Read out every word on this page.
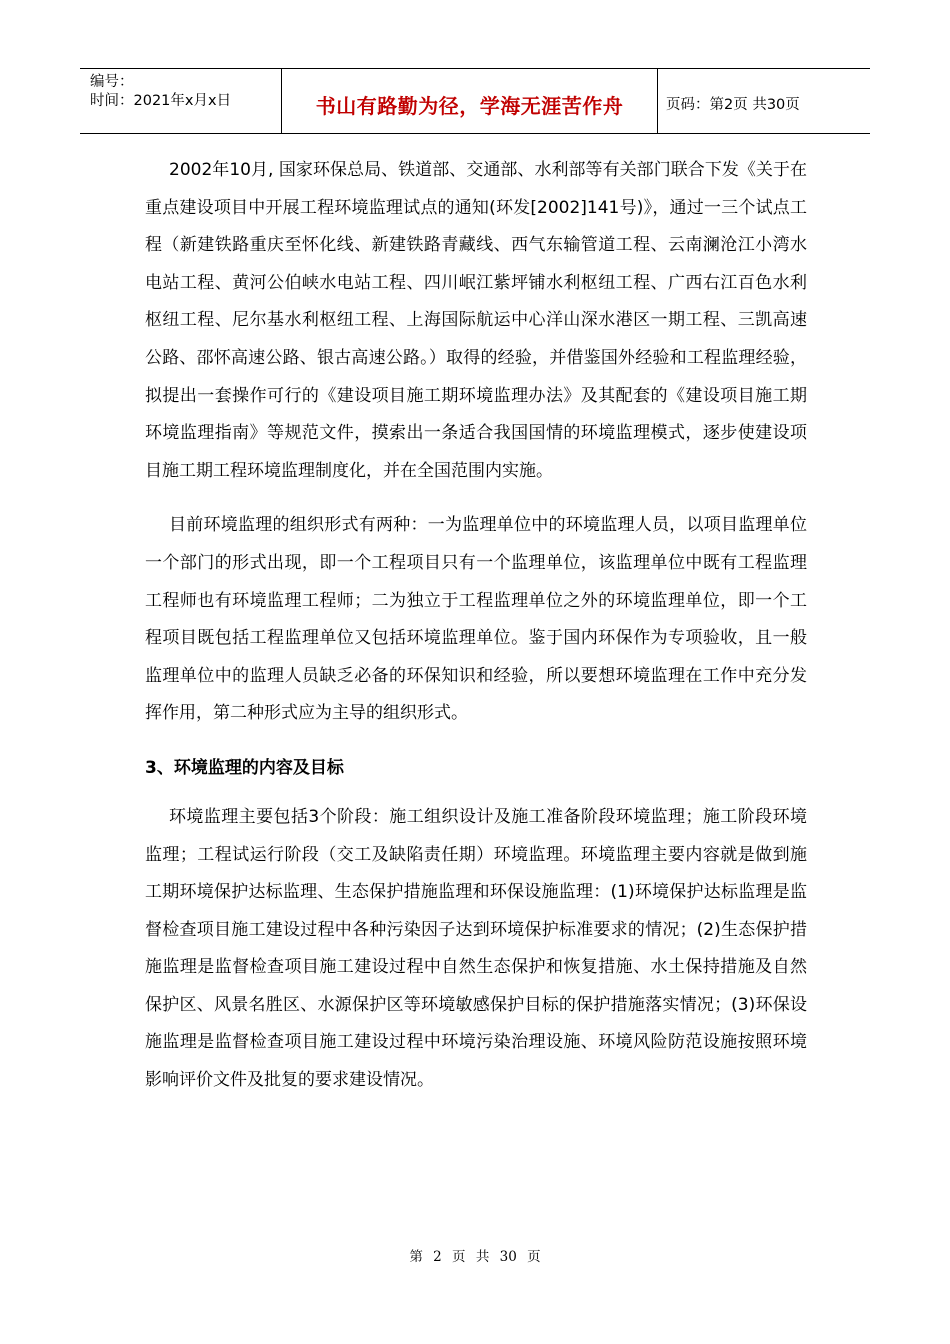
编号：
时间：2021年x月x日	书山有路勤为径，学海无涯苦作舟	页码：第2页 共30页

2002年10月, 国家环保总局、铁道部、交通部、水利部等有关部门联合下发《关于在重点建设项目中开展工程环境监理试点的通知(环发[2002]141号)》，通过一三个试点工程（新建铁路重庆至怀化线、新建铁路青藏线、西气东输管道工程、云南澜沧江小湾水电站工程、黄河公伯峡水电站工程、四川岷江紫坪铺水利枢纽工程、广西右江百色水利枢纽工程、尼尔基水利枢纽工程、上海国际航运中心洋山深水港区一期工程、三凯高速公路、邵怀高速公路、银古高速公路。）取得的经验，并借鉴国外经验和工程监理经验，拟提出一套操作可行的《建设项目施工期环境监理办法》及其配套的《建设项目施工期环境监理指南》等规范文件，摸索出一条适合我国国情的环境监理模式，逐步使建设项目施工期工程环境监理制度化，并在全国范围内实施。

目前环境监理的组织形式有两种：一为监理单位中的环境监理人员，以项目监理单位一个部门的形式出现，即一个工程项目只有一个监理单位，该监理单位中既有工程监理工程师也有环境监理工程师；二为独立于工程监理单位之外的环境监理单位，即一个工程项目既包括工程监理单位又包括环境监理单位。鉴于国内环保作为专项验收，且一般监理单位中的监理人员缺乏必备的环保知识和经验，所以要想环境监理在工作中充分发挥作用，第二种形式应为主导的组织形式。

3、环境监理的内容及目标

环境监理主要包括3个阶段：施工组织设计及施工准备阶段环境监理；施工阶段环境监理；工程试运行阶段（交工及缺陷责任期）环境监理。环境监理主要内容就是做到施工期环境保护达标监理、生态保护措施监理和环保设施监理：(1)环境保护达标监理是监督检查项目施工建设过程中各种污染因子达到环境保护标准要求的情况；(2)生态保护措施监理是监督检查项目施工建设过程中自然生态保护和恢复措施、水土保持措施及自然保护区、风景名胜区、水源保护区等环境敏感保护目标的保护措施落实情况；(3)环保设施监理是监督检查项目施工建设过程中环境污染治理设施、环境风险防范设施按照环境影响评价文件及批复的要求建设情况。

第 2 页 共 30 页
